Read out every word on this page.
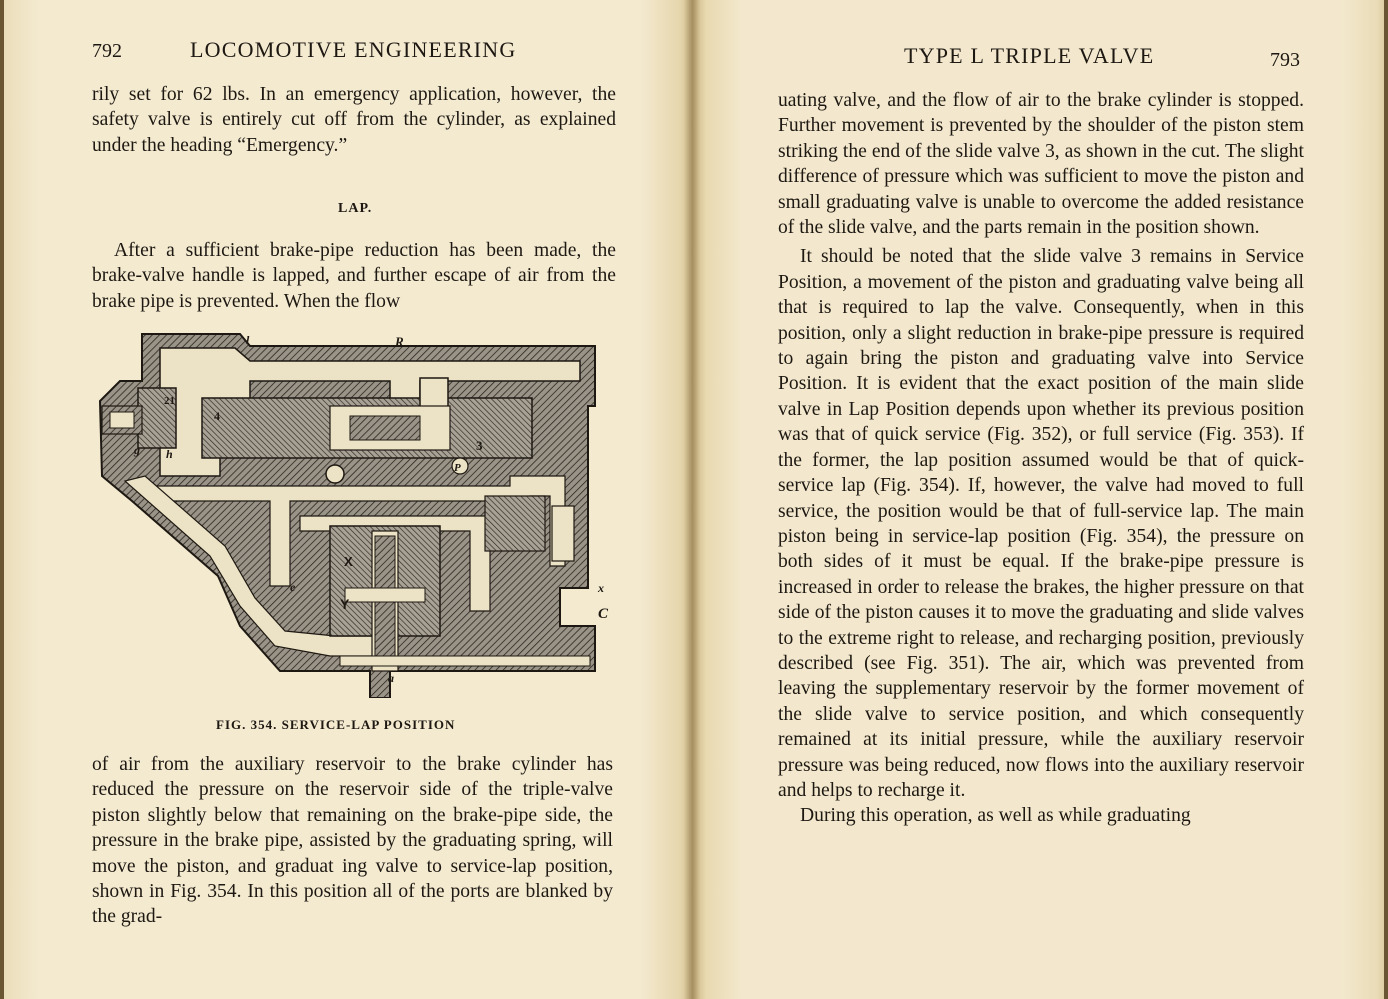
792	LOCOMOTIVE ENGINEERING

rily set for 62 lbs. In an emergency application, however, the safety valve is entirely cut off from the cylinder, as explained under the heading “Emergency.”

LAP.

After a sufficient brake-pipe reduction has been made, the brake-valve handle is lapped, and further escape of air from the brake pipe is prevented. When the flow

R
l
21
g h
4
3
P
X
Y
e	x
C
a
FIG. 354. SERVICE-LAP POSITION

of air from the auxiliary reservoir to the brake cylinder has reduced the pressure on the reservoir side of the triple-valve piston slightly below that remaining on the brake-pipe side, the pressure in the brake pipe, assisted by the graduating spring, will move the piston, and graduat ing valve to service-lap position, shown in Fig. 354. In this position all of the ports are blanked by the grad-

TYPE L TRIPLE VALVE	793

uating valve, and the flow of air to the brake cylinder is stopped. Further movement is prevented by the shoulder of the piston stem striking the end of the slide valve 3, as shown in the cut. The slight difference of pressure which was sufficient to move the piston and small graduating valve is unable to overcome the added resistance of the slide valve, and the parts remain in the position shown.

It should be noted that the slide valve 3 remains in Service Position, a movement of the piston and graduating valve being all that is required to lap the valve. Consequently, when in this position, only a slight reduction in brake-pipe pressure is required to again bring the piston and graduating valve into Service Position. It is evident that the exact position of the main slide valve in Lap Position depends upon whether its previous position was that of quick service (Fig. 352), or full service (Fig. 353). If the former, the lap position assumed would be that of quick-service lap (Fig. 354). If, however, the valve had moved to full service, the position would be that of full-service lap. The main piston being in service-lap position (Fig. 354), the pressure on both sides of it must be equal. If the brake-pipe pressure is increased in order to release the brakes, the higher pressure on that side of the piston causes it to move the graduating and slide valves to the extreme right to release, and recharging position, previously described (see Fig. 351). The air, which was prevented from leaving the supplementary reservoir by the former movement of the slide valve to service position, and which consequently remained at its initial pressure, while the auxiliary reservoir pressure was being reduced, now flows into the auxiliary reservoir and helps to recharge it.

During this operation, as well as while graduating
